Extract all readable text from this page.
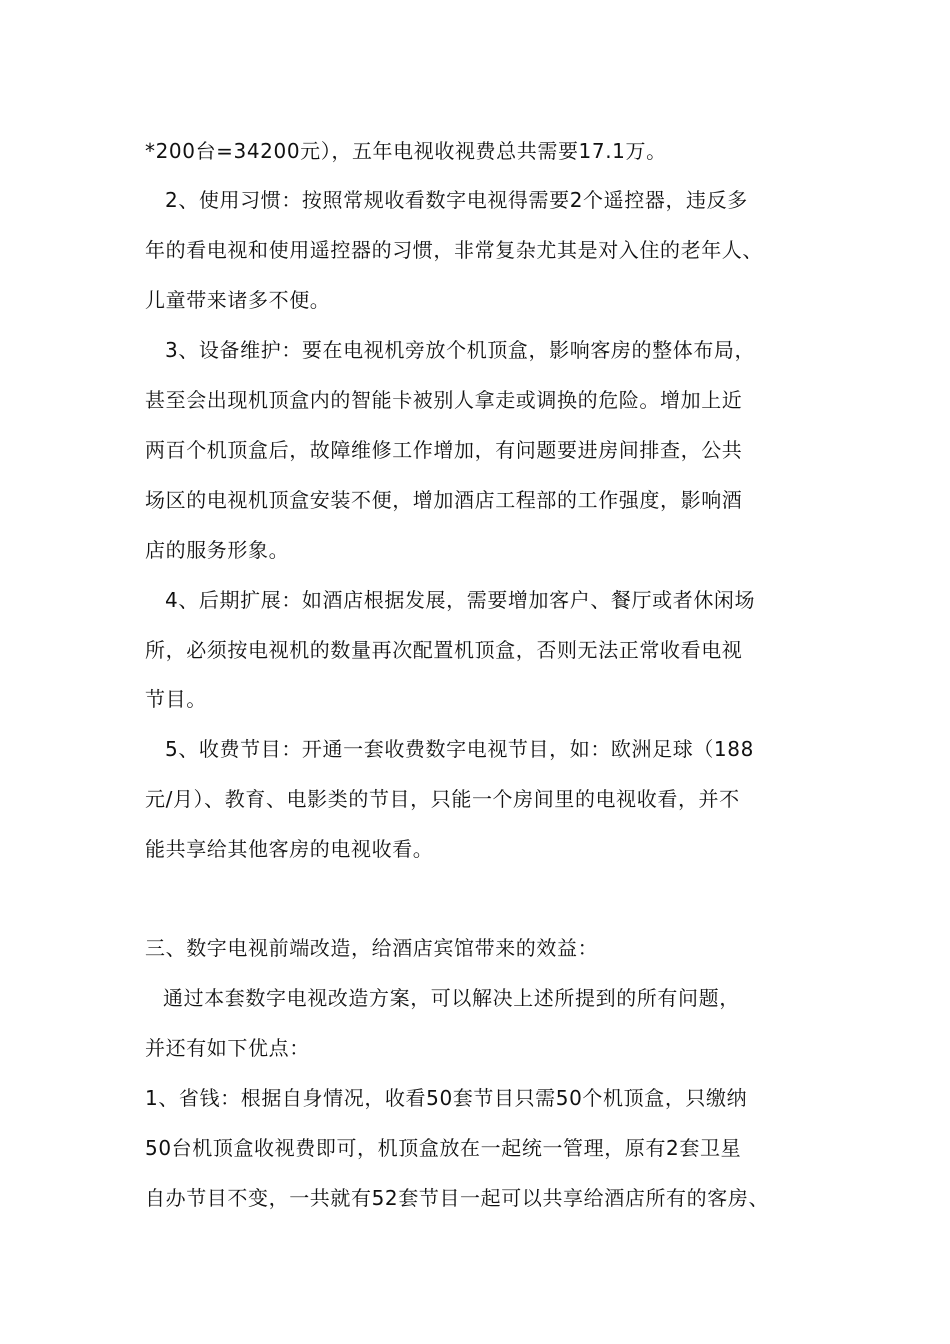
*200台=34200元），五年电视收视费总共需要17.1万。
2、使用习惯：按照常规收看数字电视得需要2个遥控器，违反多
年的看电视和使用遥控器的习惯，非常复杂尤其是对入住的老年人、
儿童带来诸多不便。
3、设备维护：要在电视机旁放个机顶盒，影响客房的整体布局，
甚至会出现机顶盒内的智能卡被别人拿走或调换的危险。增加上近
两百个机顶盒后，故障维修工作增加，有问题要进房间排查，公共
场区的电视机顶盒安装不便，增加酒店工程部的工作强度，影响酒
店的服务形象。
4、后期扩展：如酒店根据发展，需要增加客户、餐厅或者休闲场
所，必须按电视机的数量再次配置机顶盒，否则无法正常收看电视
节目。
5、收费节目：开通一套收费数字电视节目，如：欧洲足球（188
元/月）、教育、电影类的节目，只能一个房间里的电视收看，并不
能共享给其他客房的电视收看。
三、数字电视前端改造，给酒店宾馆带来的效益：
通过本套数字电视改造方案，可以解决上述所提到的所有问题，
并还有如下优点：
1、省钱：根据自身情况，收看50套节目只需50个机顶盒，只缴纳
50台机顶盒收视费即可，机顶盒放在一起统一管理，原有2套卫星
自办节目不变，一共就有52套节目一起可以共享给酒店所有的客房、
